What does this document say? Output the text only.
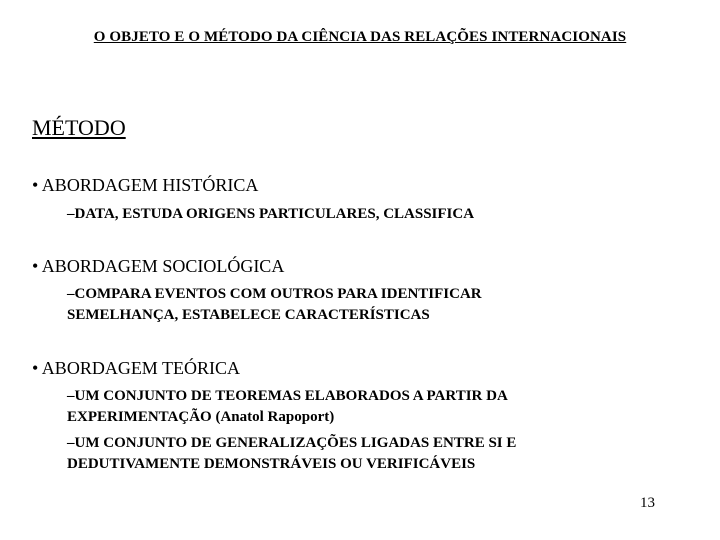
O OBJETO E O MÉTODO DA CIÊNCIA DAS RELAÇÕES INTERNACIONAIS
MÉTODO
• ABORDAGEM HISTÓRICA
–DATA, ESTUDA ORIGENS PARTICULARES, CLASSIFICA
• ABORDAGEM SOCIOLÓGICA
–COMPARA EVENTOS COM OUTROS PARA IDENTIFICAR
SEMELHANÇA, ESTABELECE CARACTERÍSTICAS
• ABORDAGEM TEÓRICA
–UM CONJUNTO DE TEOREMAS ELABORADOS A PARTIR DA
EXPERIMENTAÇÃO (Anatol Rapoport)
–UM CONJUNTO DE GENERALIZAÇÕES LIGADAS ENTRE SI E
DEDUTIVAMENTE DEMONSTRÁVEIS OU VERIFICÁVEIS
13
